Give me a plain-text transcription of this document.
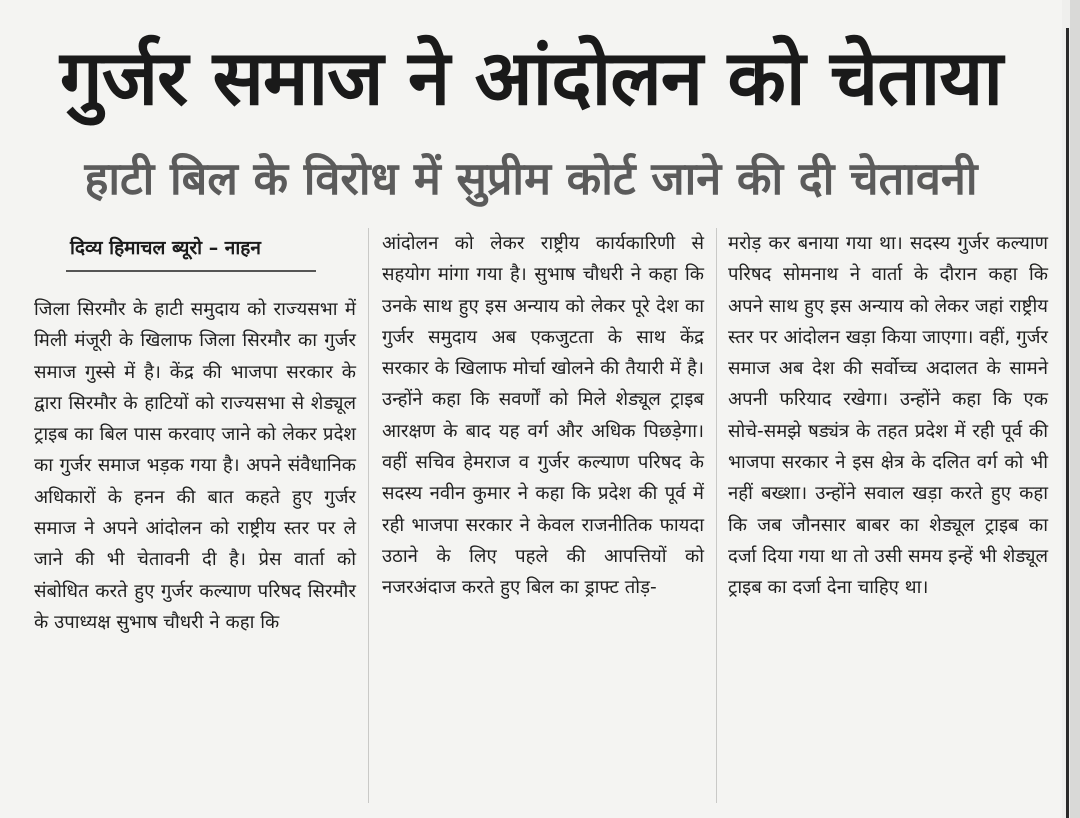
गुर्जर समाज ने आंदोलन को चेताया
हाटी बिल के विरोध में सुप्रीम कोर्ट जाने की दी चेतावनी
दिव्य हिमाचल ब्यूरो – नाहन

जिला सिरमौर के हाटी समुदाय को राज्यसभा में मिली मंजूरी के खिलाफ जिला सिरमौर का गुर्जर समाज गुस्से में है। केंद्र की भाजपा सरकार के द्वारा सिरमौर के हाटियों को राज्यसभा से शेड्यूल ट्राइब का बिल पास करवाए जाने को लेकर प्रदेश का गुर्जर समाज भड़क गया है। अपने संवैधानिक अधिकारों के हनन की बात कहते हुए गुर्जर समाज ने अपने आंदोलन को राष्ट्रीय स्तर पर ले जाने की भी चेतावनी दी है। प्रेस वार्ता को संबोधित करते हुए गुर्जर कल्याण परिषद सिरमौर के उपाध्यक्ष सुभाष चौधरी ने कहा कि

आंदोलन को लेकर राष्ट्रीय कार्यकारिणी से सहयोग मांगा गया है। सुभाष चौधरी ने कहा कि उनके साथ हुए इस अन्याय को लेकर पूरे देश का गुर्जर समुदाय अब एकजुटता के साथ केंद्र सरकार के खिलाफ मोर्चा खोलने की तैयारी में है। उन्होंने कहा कि सवर्णों को मिले शेड्यूल ट्राइब आरक्षण के बाद यह वर्ग और अधिक पिछड़ेगा। वहीं सचिव हेमराज व गुर्जर कल्याण परिषद के सदस्य नवीन कुमार ने कहा कि प्रदेश की पूर्व में रही भाजपा सरकार ने केवल राजनीतिक फायदा उठाने के लिए पहले की आपत्तियों को नजरअंदाज करते हुए बिल का ड्राफ्ट तोड़-

मरोड़ कर बनाया गया था। सदस्य गुर्जर कल्याण परिषद सोमनाथ ने वार्ता के दौरान कहा कि अपने साथ हुए इस अन्याय को लेकर जहां राष्ट्रीय स्तर पर आंदोलन खड़ा किया जाएगा। वहीं, गुर्जर समाज अब देश की सर्वोच्च अदालत के सामने अपनी फरियाद रखेगा। उन्होंने कहा कि एक सोचे-समझे षड्यंत्र के तहत प्रदेश में रही पूर्व की भाजपा सरकार ने इस क्षेत्र के दलित वर्ग को भी नहीं बख्शा। उन्होंने सवाल खड़ा करते हुए कहा कि जब जौनसार बाबर का शेड्यूल ट्राइब का दर्जा दिया गया था तो उसी समय इन्हें भी शेड्यूल ट्राइब का दर्जा देना चाहिए था।
